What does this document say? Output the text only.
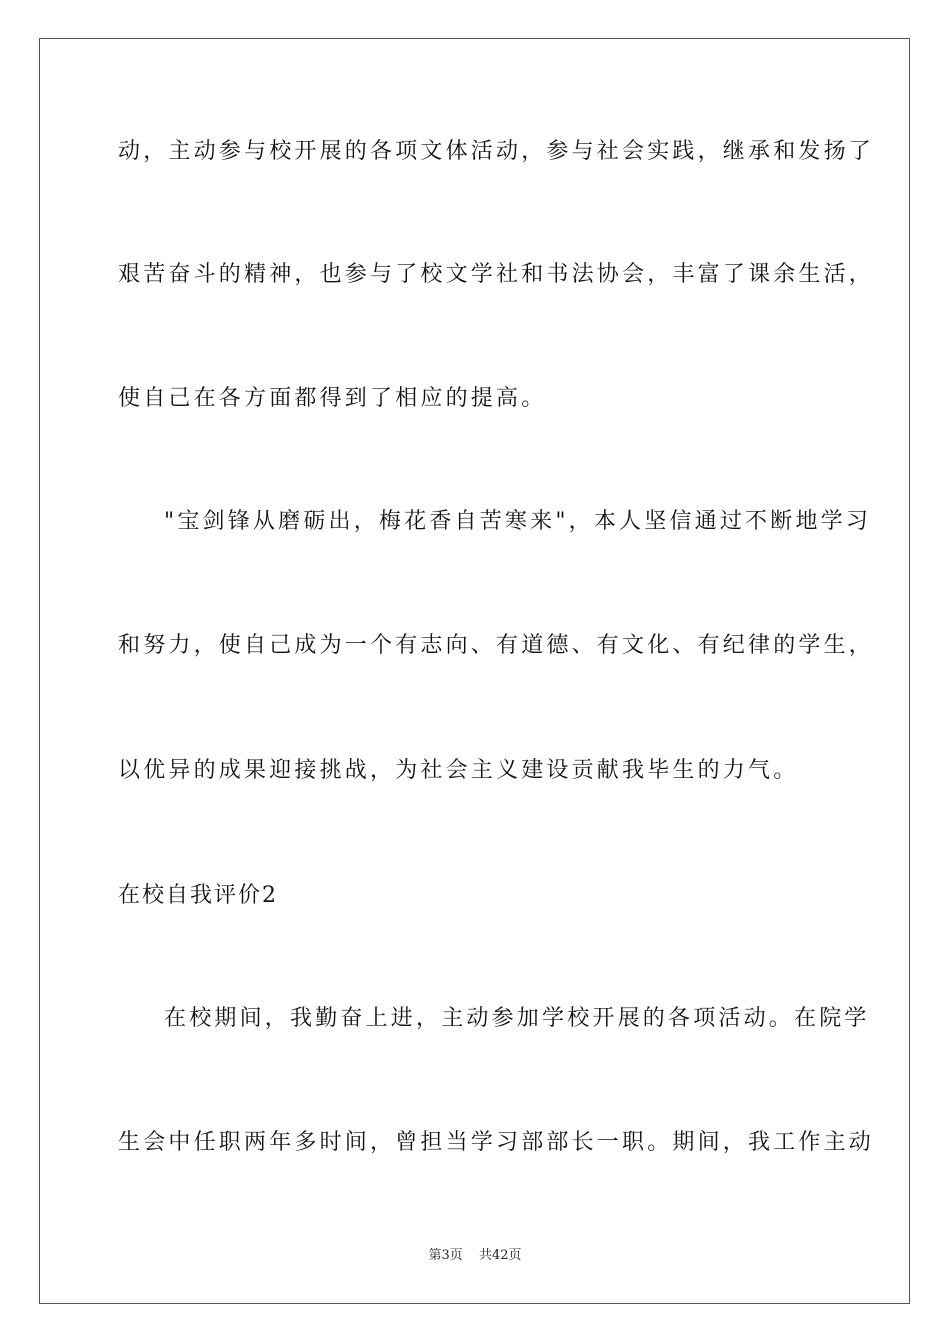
动，主动参与校开展的各项文体活动，参与社会实践，继承和发扬了
艰苦奋斗的精神，也参与了校文学社和书法协会，丰富了课余生活，
使自己在各方面都得到了相应的提高。
"宝剑锋从磨砺出，梅花香自苦寒来"，本人坚信通过不断地学习
和努力，使自己成为一个有志向、有道德、有文化、有纪律的学生，
以优异的成果迎接挑战，为社会主义建设贡献我毕生的力气。
在校自我评价2
在校期间，我勤奋上进，主动参加学校开展的各项活动。在院学
生会中任职两年多时间，曾担当学习部部长一职。期间，我工作主动
第3页 共42页
